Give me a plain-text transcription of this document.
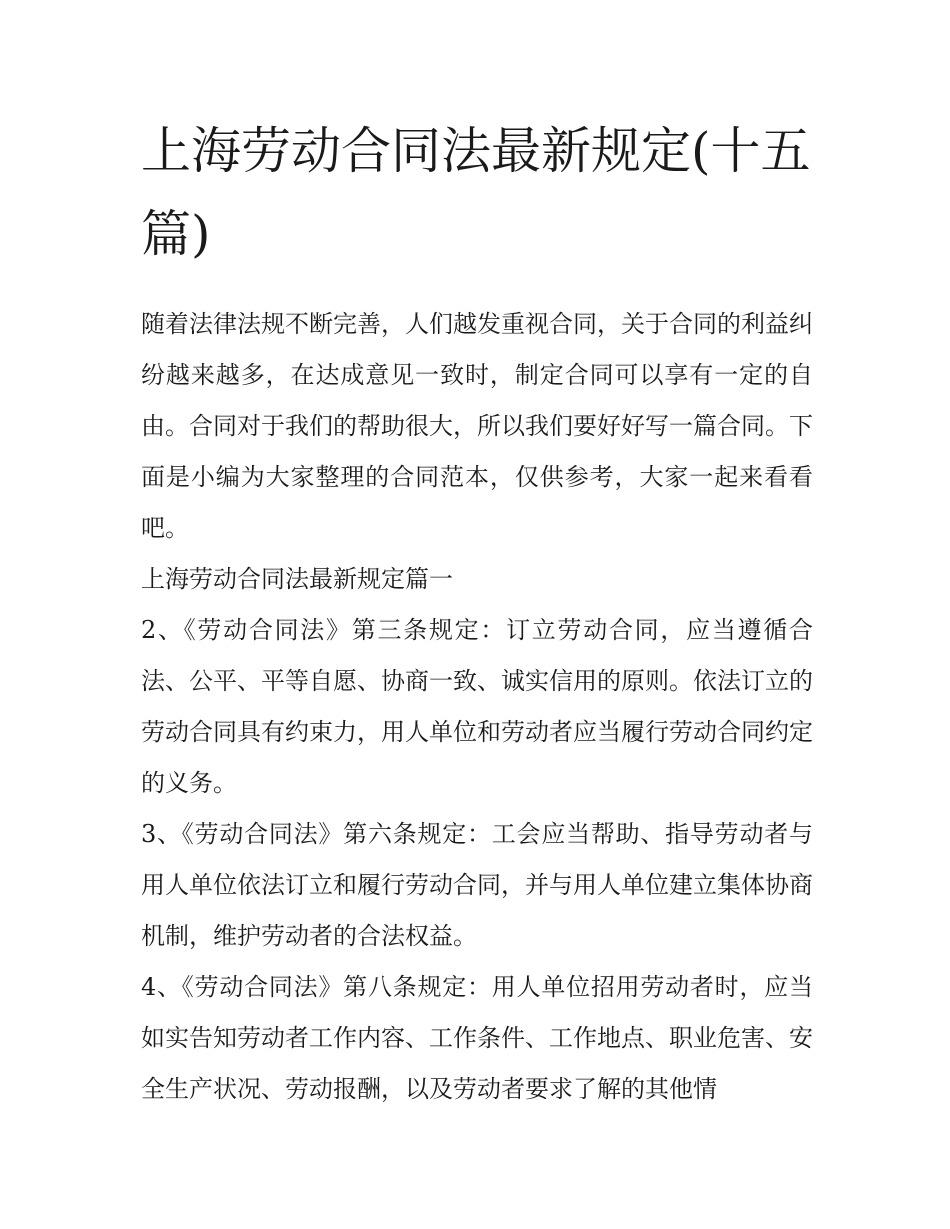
上海劳动合同法最新规定(十五篇)

随着法律法规不断完善，人们越发重视合同，关于合同的利益纠纷越来越多，在达成意见一致时，制定合同可以享有一定的自由。合同对于我们的帮助很大，所以我们要好好写一篇合同。下面是小编为大家整理的合同范本，仅供参考，大家一起来看看吧。

上海劳动合同法最新规定篇一

2、《劳动合同法》第三条规定：订立劳动合同，应当遵循合法、公平、平等自愿、协商一致、诚实信用的原则。依法订立的劳动合同具有约束力，用人单位和劳动者应当履行劳动合同约定的义务。

3、《劳动合同法》第六条规定：工会应当帮助、指导劳动者与用人单位依法订立和履行劳动合同，并与用人单位建立集体协商机制，维护劳动者的合法权益。

4、《劳动合同法》第八条规定：用人单位招用劳动者时，应当如实告知劳动者工作内容、工作条件、工作地点、职业危害、安全生产状况、劳动报酬，以及劳动者要求了解的其他情
